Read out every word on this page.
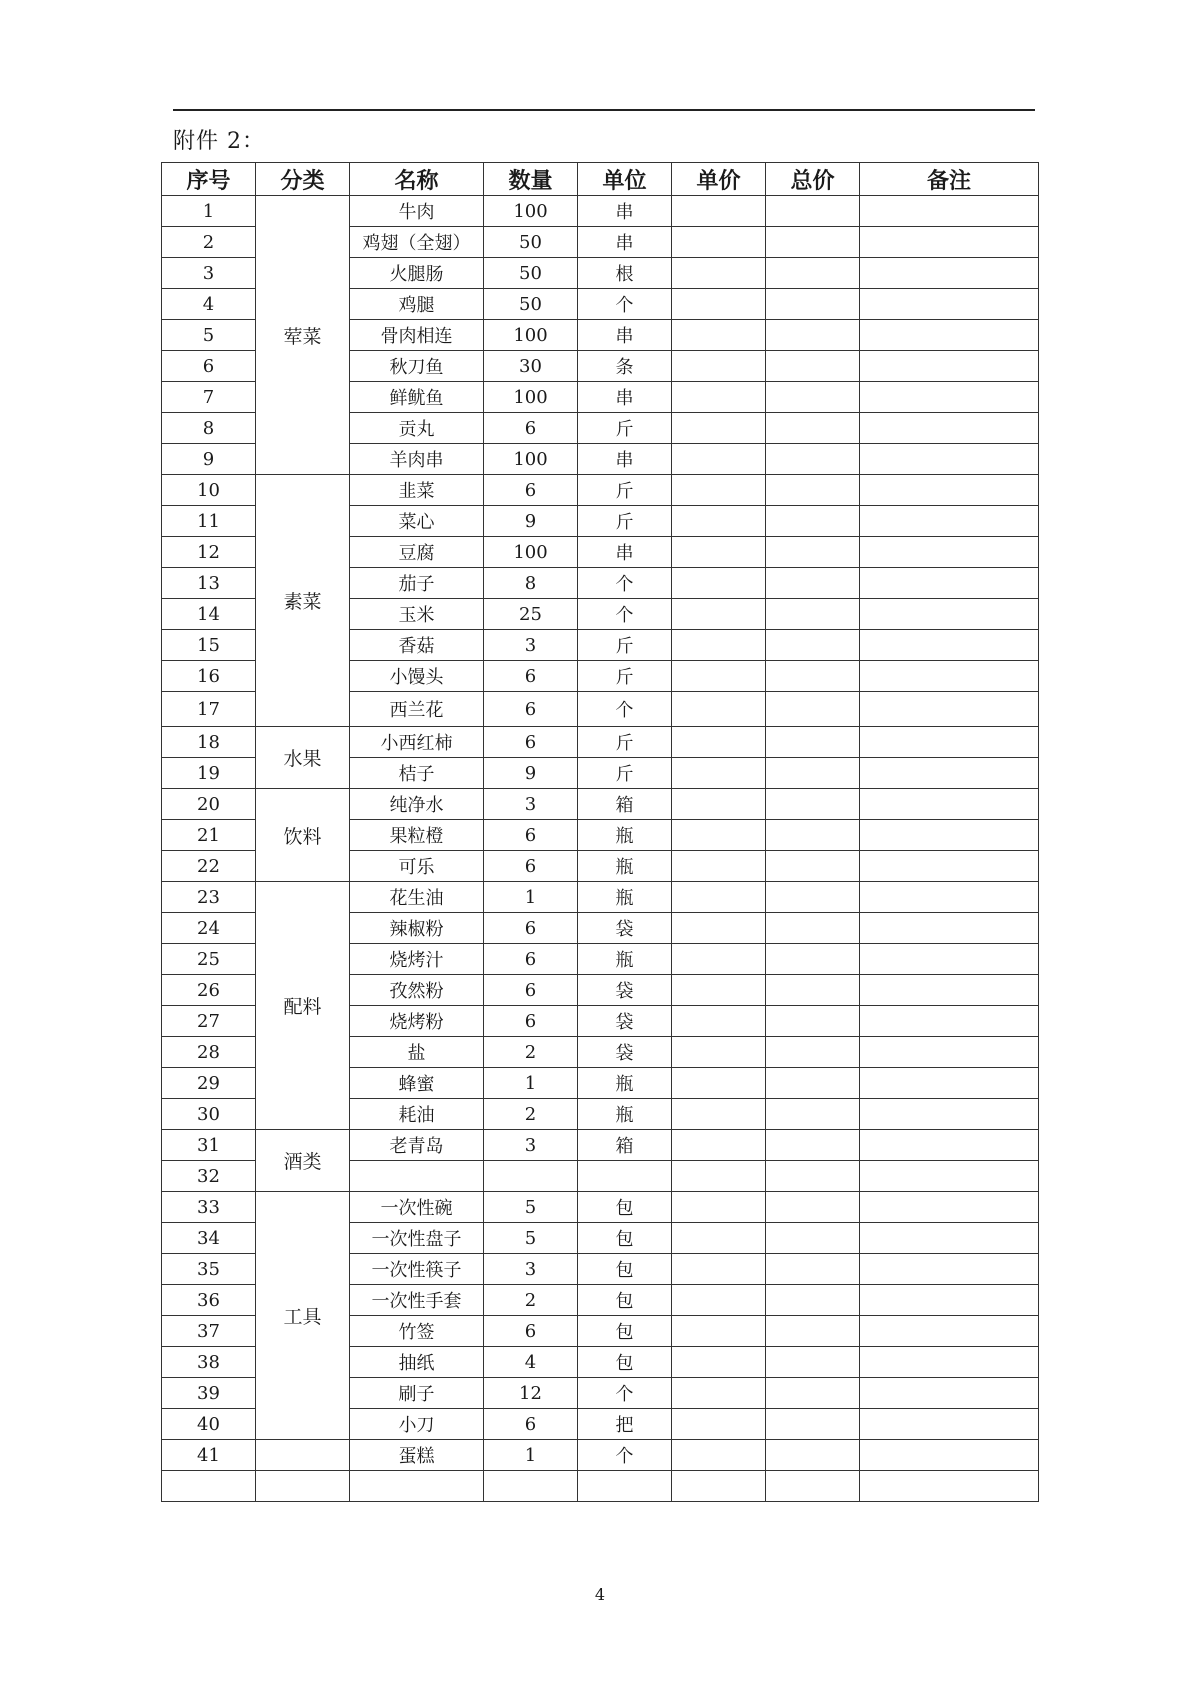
附件 2：
序号	分类	名称	数量	单位	单价	总价	备注
1	荤菜	牛肉	100	串			
2		鸡翅（全翅）	50	串			
3		火腿肠	50	根			
4		鸡腿	50	个			
5		骨肉相连	100	串			
6		秋刀鱼	30	条			
7		鲜鱿鱼	100	串			
8		贡丸	6	斤			
9		羊肉串	100	串			
10	素菜	韭菜	6	斤			
11		菜心	9	斤			
12		豆腐	100	串			
13		茄子	8	个			
14		玉米	25	个			
15		香菇	3	斤			
16		小馒头	6	斤			
17		西兰花	6	个			
18	水果	小西红柿	6	斤			
19		桔子	9	斤			
20	饮料	纯净水	3	箱			
21		果粒橙	6	瓶			
22		可乐	6	瓶			
23	配料	花生油	1	瓶			
24		辣椒粉	6	袋			
25		烧烤汁	6	瓶			
26		孜然粉	6	袋			
27		烧烤粉	6	袋			
28		盐	2	袋			
29		蜂蜜	1	瓶			
30		耗油	2	瓶			
31	酒类	老青岛	3	箱			
32							
33	工具	一次性碗	5	包			
34		一次性盘子	5	包			
35		一次性筷子	3	包			
36		一次性手套	2	包			
37		竹签	6	包			
38		抽纸	4	包			
39		刷子	12	个			
40		小刀	6	把			
41		蛋糕	1	个			

4
